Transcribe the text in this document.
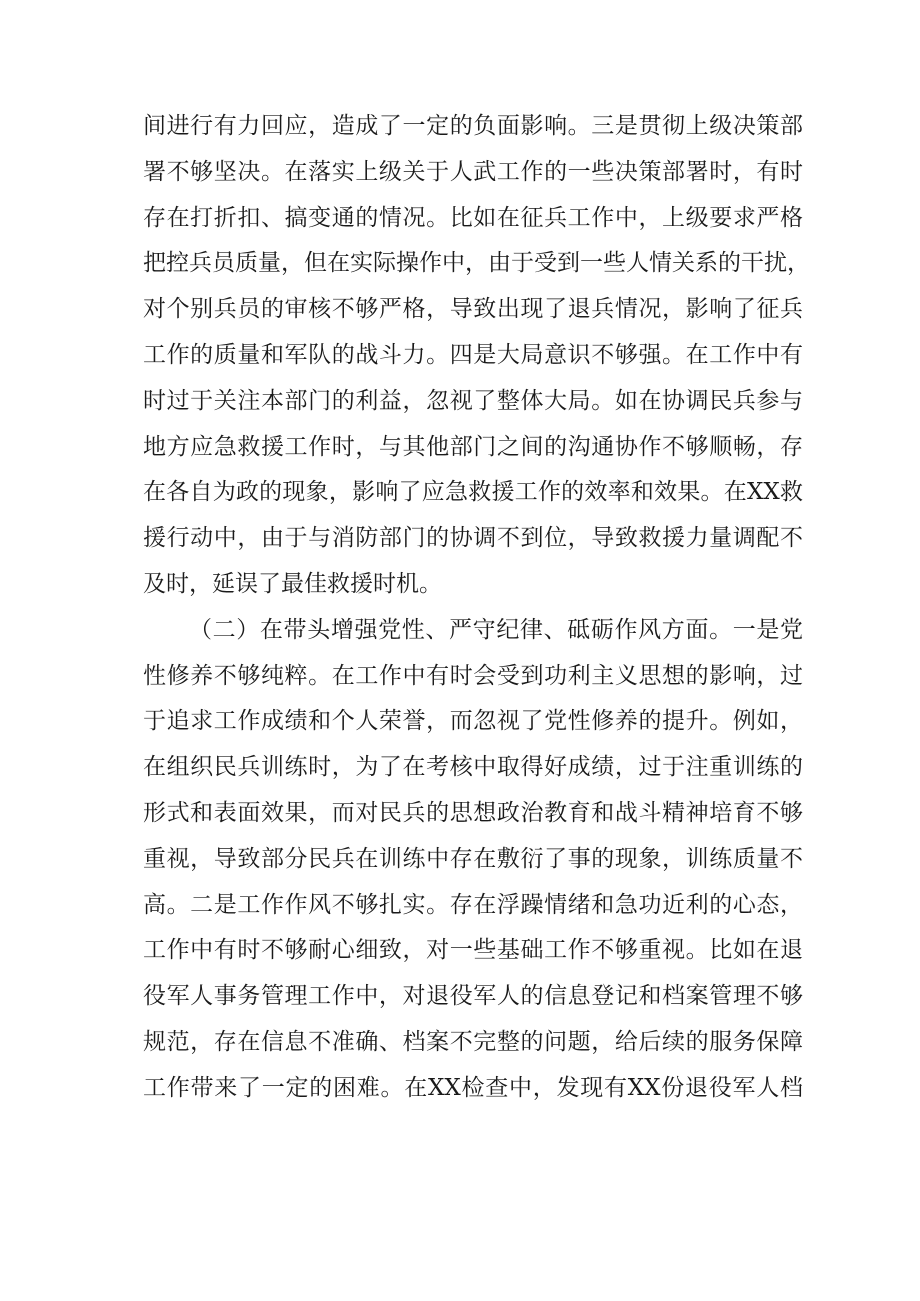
间进行有力回应，造成了一定的负面影响。三是贯彻上级决策部
署不够坚决。在落实上级关于人武工作的一些决策部署时，有时
存在打折扣、搞变通的情况。比如在征兵工作中，上级要求严格
把控兵员质量，但在实际操作中，由于受到一些人情关系的干扰，
对个别兵员的审核不够严格，导致出现了退兵情况，影响了征兵
工作的质量和军队的战斗力。四是大局意识不够强。在工作中有
时过于关注本部门的利益，忽视了整体大局。如在协调民兵参与
地方应急救援工作时，与其他部门之间的沟通协作不够顺畅，存
在各自为政的现象，影响了应急救援工作的效率和效果。在XX救
援行动中，由于与消防部门的协调不到位，导致救援力量调配不
及时，延误了最佳救援时机。
（二）在带头增强党性、严守纪律、砥砺作风方面。一是党
性修养不够纯粹。在工作中有时会受到功利主义思想的影响，过
于追求工作成绩和个人荣誉，而忽视了党性修养的提升。例如，
在组织民兵训练时，为了在考核中取得好成绩，过于注重训练的
形式和表面效果，而对民兵的思想政治教育和战斗精神培育不够
重视，导致部分民兵在训练中存在敷衍了事的现象，训练质量不
高。二是工作作风不够扎实。存在浮躁情绪和急功近利的心态，
工作中有时不够耐心细致，对一些基础工作不够重视。比如在退
役军人事务管理工作中，对退役军人的信息登记和档案管理不够
规范，存在信息不准确、档案不完整的问题，给后续的服务保障
工作带来了一定的困难。在XX检查中，发现有XX份退役军人档
